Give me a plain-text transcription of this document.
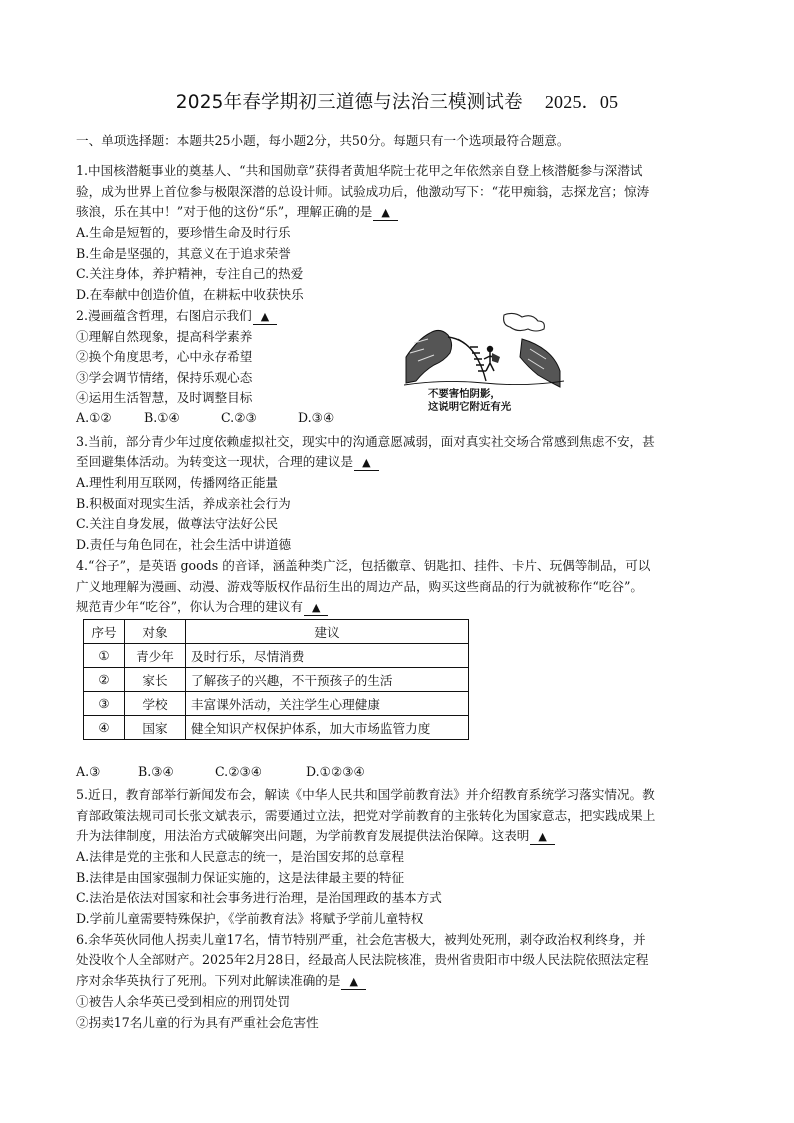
2025年春学期初三道德与法治三模测试卷 2025．05
一、单项选择题：本题共25小题，每小题2分，共50分。每题只有一个选项最符合题意。
1.中国核潜艇事业的奠基人、“共和国勋章”获得者黄旭华院士花甲之年依然亲自登上核潜艇参与深潜试
验，成为世界上首位参与极限深潜的总设计师。试验成功后，他激动写下：“花甲痴翁，志探龙宫；惊涛
骇浪，乐在其中！”对于他的这份“乐”，理解正确的是 ▲
A.生命是短暂的，要珍惜生命及时行乐
B.生命是坚强的，其意义在于追求荣誉
C.关注身体，养护精神，专注自己的热爱
D.在奉献中创造价值，在耕耘中收获快乐
2.漫画蕴含哲理，右图启示我们 ▲
①理解自然现象，提高科学素养
②换个角度思考，心中永存希望
③学会调节情绪，保持乐观心态
④运用生活智慧，及时调整目标
A.①②	B.①④	C.②③	D.③④
不要害怕阴影，
这说明它附近有光
3.当前，部分青少年过度依赖虚拟社交，现实中的沟通意愿减弱，面对真实社交场合常感到焦虑不安，甚
至回避集体活动。为转变这一现状，合理的建议是 ▲
A.理性利用互联网，传播网络正能量
B.积极面对现实生活，养成亲社会行为
C.关注自身发展，做尊法守法好公民
D.责任与角色同在，社会生活中讲道德
4.“谷子”，是英语 goods 的音译，涵盖种类广泛，包括徽章、钥匙扣、挂件、卡片、玩偶等制品，可以
广义地理解为漫画、动漫、游戏等版权作品衍生出的周边产品，购买这些商品的行为就被称作“吃谷”。
规范青少年“吃谷”，你认为合理的建议有 ▲
序号	对象	建议
①	青少年	及时行乐，尽情消费
②	家长	了解孩子的兴趣，不干预孩子的生活
③	学校	丰富课外活动，关注学生心理健康
④	国家	健全知识产权保护体系，加大市场监管力度
A.③	B.③④	C.②③④	D.①②③④
5.近日，教育部举行新闻发布会，解读《中华人民共和国学前教育法》并介绍教育系统学习落实情况。教
育部政策法规司司长张文斌表示，需要通过立法，把党对学前教育的主张转化为国家意志，把实践成果上
升为法律制度，用法治方式破解突出问题，为学前教育发展提供法治保障。这表明 ▲
A.法律是党的主张和人民意志的统一，是治国安邦的总章程
B.法律是由国家强制力保证实施的，这是法律最主要的特征
C.法治是依法对国家和社会事务进行治理，是治国理政的基本方式
D.学前儿童需要特殊保护，《学前教育法》将赋予学前儿童特权
6.余华英伙同他人拐卖儿童17名，情节特别严重，社会危害极大，被判处死刑，剥夺政治权利终身，并
处没收个人全部财产。2025年2月28日，经最高人民法院核准，贵州省贵阳市中级人民法院依照法定程
序对余华英执行了死刑。下列对此解读准确的是 ▲
①被告人余华英已受到相应的刑罚处罚
②拐卖17名儿童的行为具有严重社会危害性
